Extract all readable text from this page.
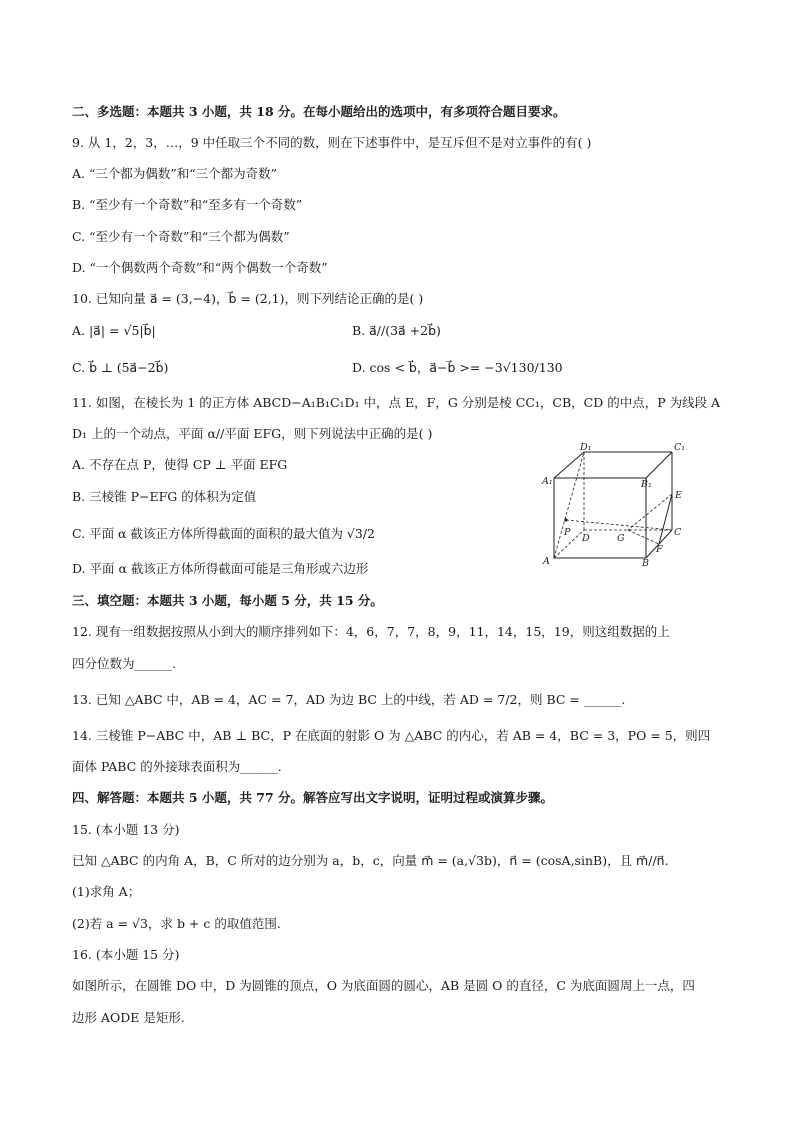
二、多选题：本题共 3 小题，共 18 分。在每小题给出的选项中，有多项符合题目要求。
9. 从 1，2，3，…，9 中任取三个不同的数，则在下述事件中，是互斥但不是对立事件的有( )
A. “三个都为偶数”和“三个都为奇数”
B. “至少有一个奇数”和“至多有一个奇数”
C. “至少有一个奇数”和“三个都为偶数”
D. “一个偶数两个奇数”和“两个偶数一个奇数”
10. 已知向量 a⃗ = (3,−4)，b⃗ = (2,1)，则下列结论正确的是( )
A. |a⃗| = √5|b⃗|	B. a⃗//(3a⃗ +2b⃗)
C. b⃗ ⊥ (5a⃗−2b⃗)	D. cos < b⃗，a⃗−b⃗ >= −3√130/130
11. 如图，在棱长为 1 的正方体 ABCD−A₁B₁C₁D₁ 中，点 E，F，G 分别是棱 CC₁，CB，CD 的中点，P 为线段 A
D₁ 上的一个动点，平面 α//平面 EFG，则下列说法中正确的是( )
A. 不存在点 P，使得 CP ⊥ 平面 EFG
B. 三棱锥 P−EFG 的体积为定值
C. 平面 α 截该正方体所得截面的面积的最大值为 √3/2
D. 平面 α 截该正方体所得截面可能是三角形或六边形
三、填空题：本题共 3 小题，每小题 5 分，共 15 分。
12. 现有一组数据按照从小到大的顺序排列如下：4，6，7，7，8，9，11，14，15，19，则这组数据的上
四分位数为______.
13. 已知 △ABC 中，AB = 4，AC = 7，AD 为边 BC 上的中线，若 AD = 7/2，则 BC = ______.
14. 三棱锥 P−ABC 中，AB ⊥ BC，P 在底面的射影 O 为 △ABC 的内心，若 AB = 4，BC = 3，PO = 5，则四
面体 PABC 的外接球表面积为______.
四、解答题：本题共 5 小题，共 77 分。解答应写出文字说明，证明过程或演算步骤。
15. (本小题 13 分)
已知 △ABC 的内角 A，B，C 所对的边分别为 a，b，c，向量 m⃗ = (a,√3b)，n⃗ = (cosA,sinB)，且 m⃗//n⃗.
(1)求角 A；
(2)若 a = √3，求 b + c 的取值范围.
16. (本小题 15 分)
如图所示，在圆锥 DO 中，D 为圆锥的顶点，O 为底面圆的圆心，AB 是圆 O 的直径，C 为底面圆周上一点，四
边形 AODE 是矩形.
D₁	C₁
A₁	B₁
E
P
D	G
C
F
A	B
